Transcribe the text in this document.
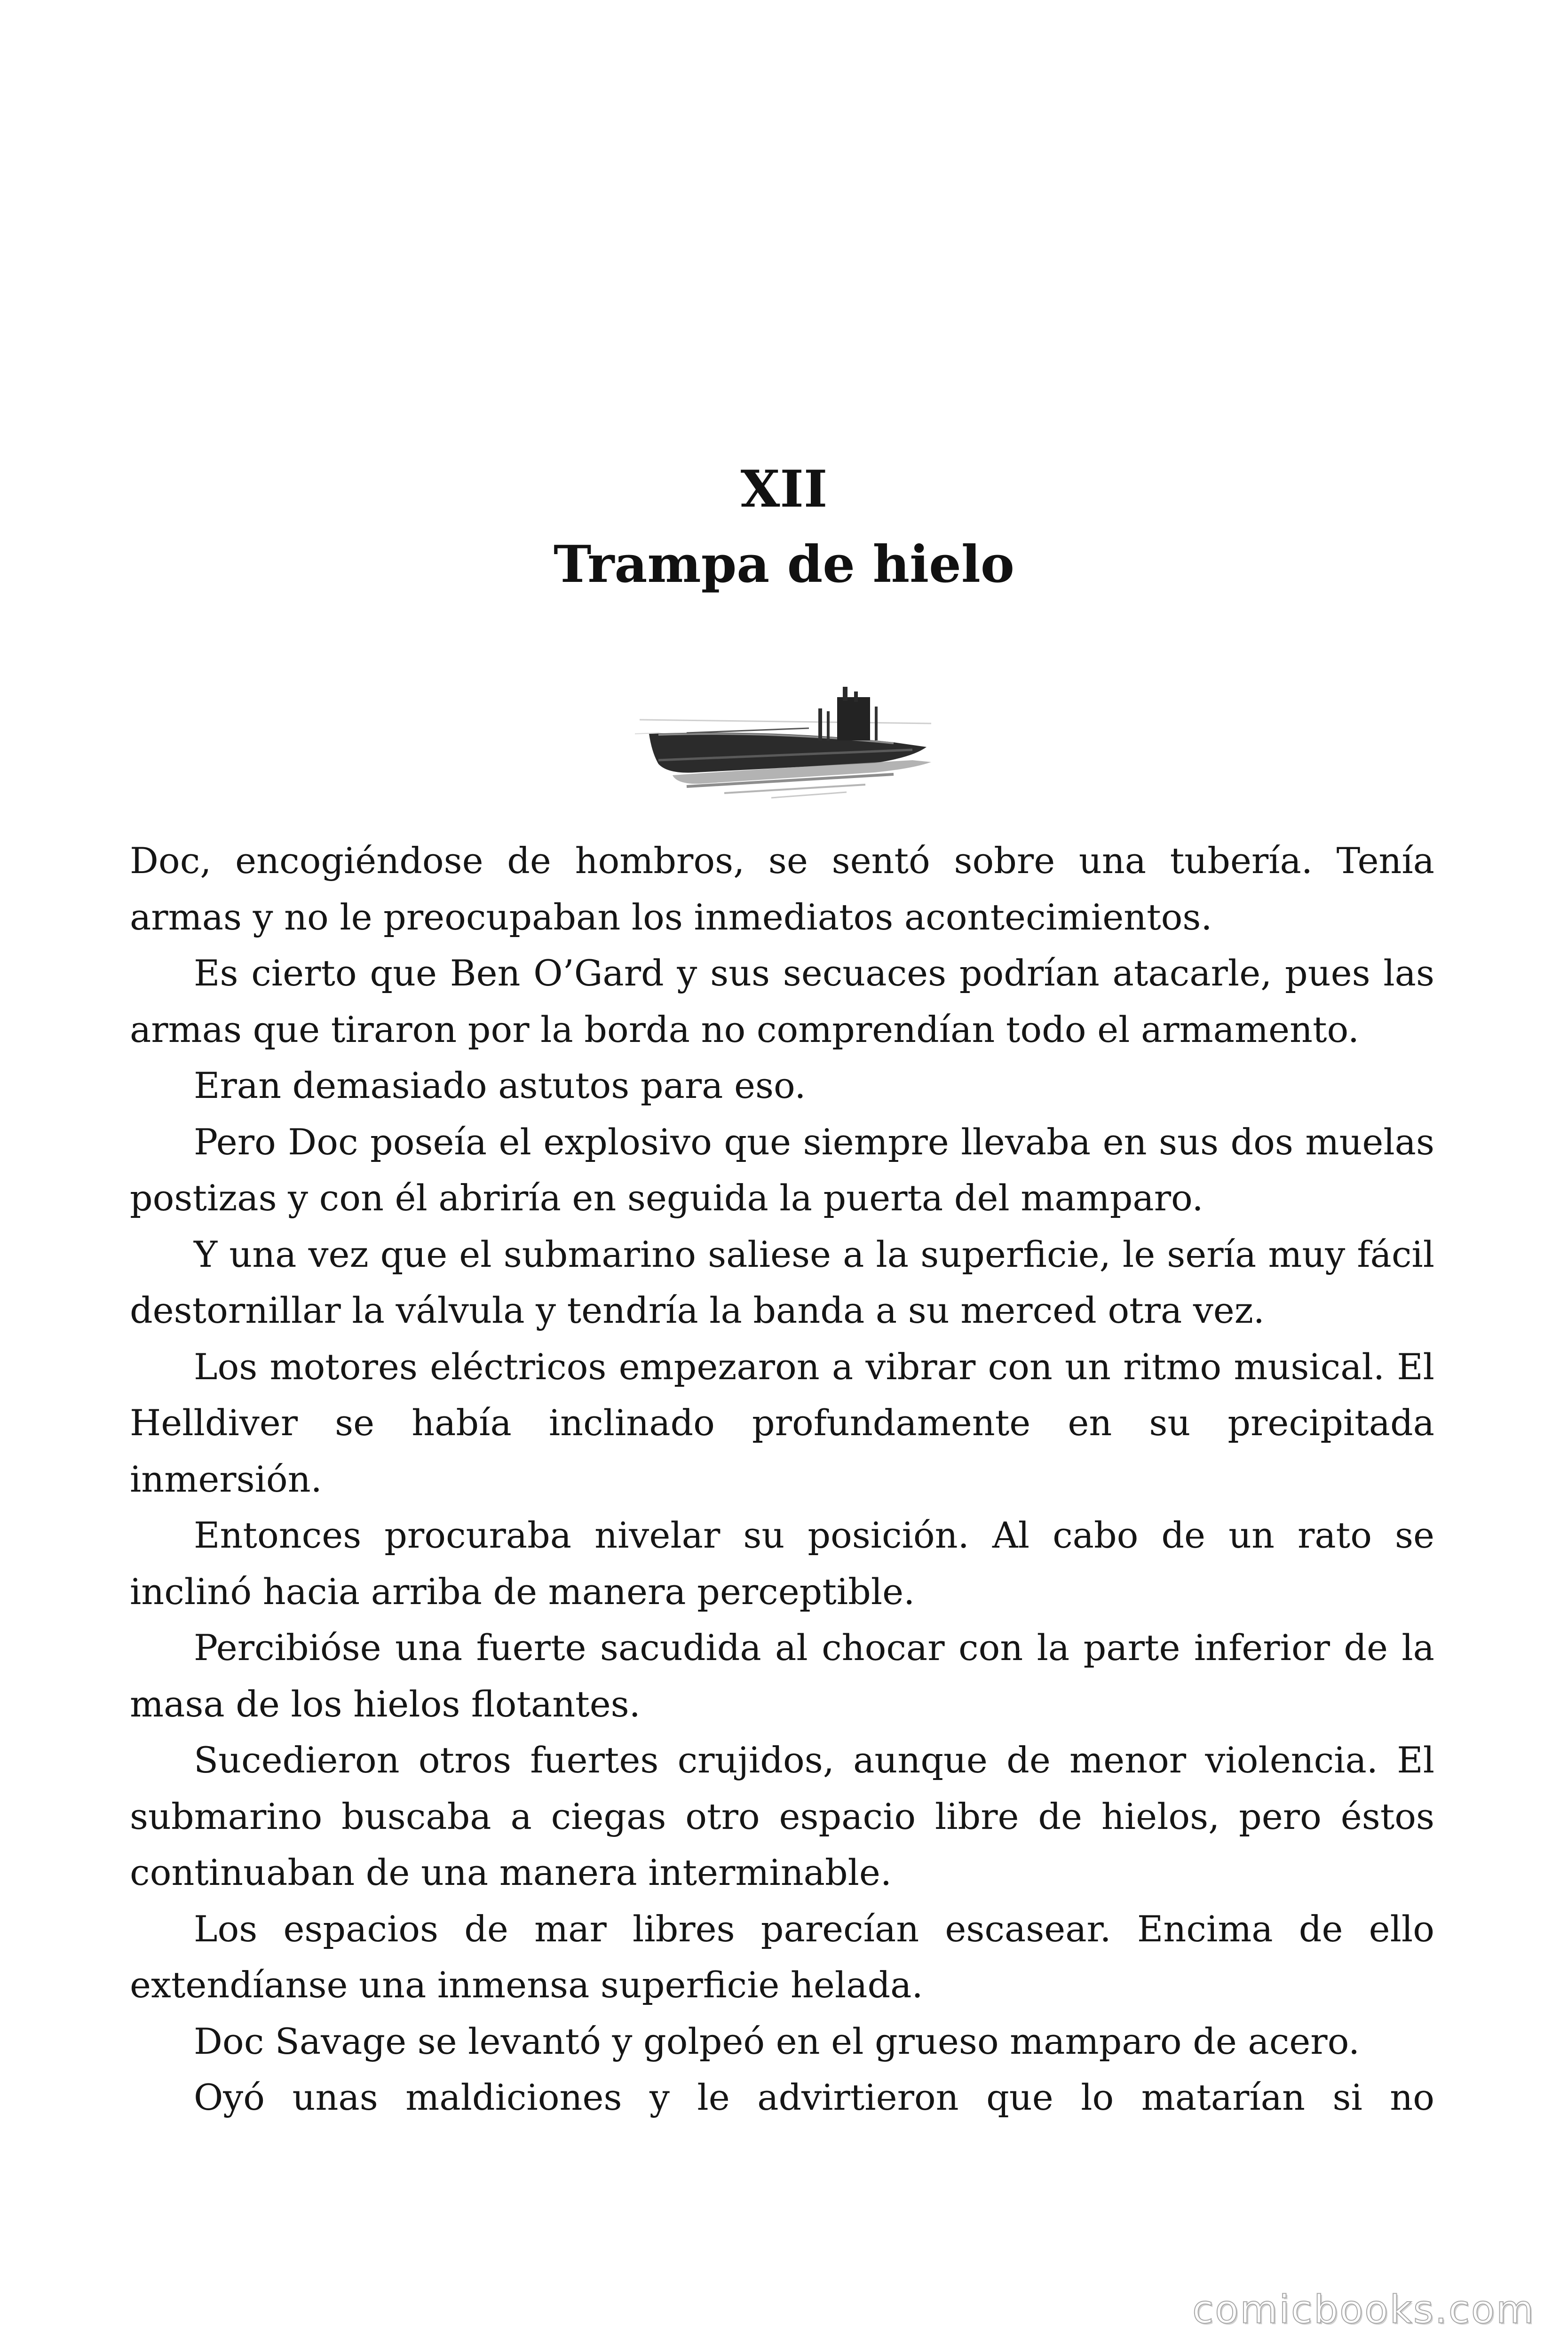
XII
Trampa de hielo

Doc, encogiéndose de hombros, se sentó sobre una tubería. Tenía armas y no le preocupaban los inmediatos acontecimientos.

Es cierto que Ben O’Gard y sus secuaces podrían atacarle, pues las armas que tiraron por la borda no comprendían todo el armamento.

Eran demasiado astutos para eso.

Pero Doc poseía el explosivo que siempre llevaba en sus dos muelas postizas y con él abriría en seguida la puerta del mamparo.

Y una vez que el submarino saliese a la superficie, le sería muy fácil destornillar la válvula y tendría la banda a su merced otra vez.

Los motores eléctricos empezaron a vibrar con un ritmo musical. El Helldiver se había inclinado profundamente en su precipitada inmersión.

Entonces procuraba nivelar su posición. Al cabo de un rato se inclinó hacia arriba de manera perceptible.

Percibióse una fuerte sacudida al chocar con la parte inferior de la masa de los hielos flotantes.

Sucedieron otros fuertes crujidos, aunque de menor violencia. El submarino buscaba a ciegas otro espacio libre de hielos, pero éstos continuaban de una manera interminable.

Los espacios de mar libres parecían escasear. Encima de ello extendíanse una inmensa superficie helada.

Doc Savage se levantó y golpeó en el grueso mamparo de acero.

Oyó unas maldiciones y le advirtieron que lo matarían si no

comicbooks.com
